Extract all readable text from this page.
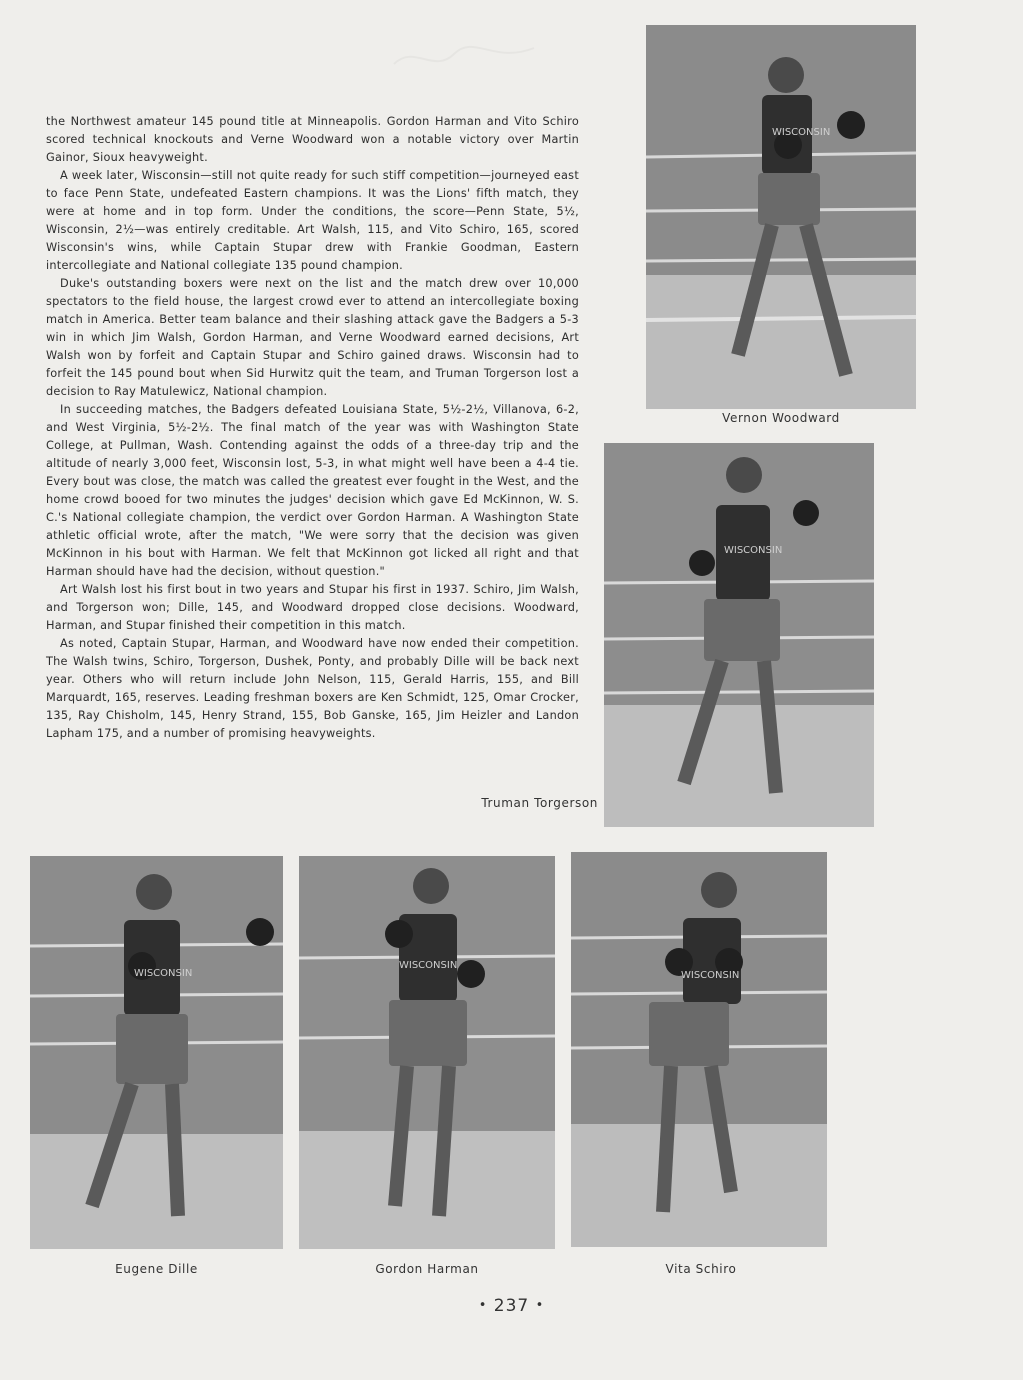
the Northwest amateur 145 pound title at Minneapolis. Gordon Harman and Vito Schiro scored technical knockouts and Verne Woodward won a notable victory over Martin Gainor, Sioux heavyweight.

A week later, Wisconsin—still not quite ready for such stiff competition—journeyed east to face Penn State, undefeated Eastern champions. It was the Lions' fifth match, they were at home and in top form. Under the conditions, the score—Penn State, 5½, Wisconsin, 2½—was entirely creditable. Art Walsh, 115, and Vito Schiro, 165, scored Wisconsin's wins, while Captain Stupar drew with Frankie Goodman, Eastern intercollegiate and National collegiate 135 pound champion.

Duke's outstanding boxers were next on the list and the match drew over 10,000 spectators to the field house, the largest crowd ever to attend an intercollegiate boxing match in America. Better team balance and their slashing attack gave the Badgers a 5-3 win in which Jim Walsh, Gordon Harman, and Verne Woodward earned decisions, Art Walsh won by forfeit and Captain Stupar and Schiro gained draws. Wisconsin had to forfeit the 145 pound bout when Sid Hurwitz quit the team, and Truman Torgerson lost a decision to Ray Matulewicz, National champion.

In succeeding matches, the Badgers defeated Louisiana State, 5½-2½, Villanova, 6-2, and West Virginia, 5½-2½. The final match of the year was with Washington State College, at Pullman, Wash. Contending against the odds of a three-day trip and the altitude of nearly 3,000 feet, Wisconsin lost, 5-3, in what might well have been a 4-4 tie. Every bout was close, the match was called the greatest ever fought in the West, and the home crowd booed for two minutes the judges' decision which gave Ed McKinnon, W. S. C.'s National collegiate champion, the verdict over Gordon Harman. A Washington State athletic official wrote, after the match, "We were sorry that the decision was given McKinnon in his bout with Harman. We felt that McKinnon got licked all right and that Harman should have had the decision, without question."

Art Walsh lost his first bout in two years and Stupar his first in 1937. Schiro, Jim Walsh, and Torgerson won; Dille, 145, and Woodward dropped close decisions. Woodward, Harman, and Stupar finished their competition in this match.

As noted, Captain Stupar, Harman, and Woodward have now ended their competition. The Walsh twins, Schiro, Torgerson, Dushek, Ponty, and probably Dille will be back next year. Others who will return include John Nelson, 115, Gerald Harris, 155, and Bill Marquardt, 165, reserves. Leading freshman boxers are Ken Schmidt, 125, Omar Crocker, 135, Ray Chisholm, 145, Henry Strand, 155, Bob Ganske, 165, Jim Heizler and Landon Lapham 175, and a number of promising heavyweights.

WISCONSIN
WISCONSIN
WISCONSIN
WISCONSIN
WISCONSIN
Vernon Woodward
Truman Torgerson
Eugene Dille	Gordon Harman	Vita Schiro
• 237 •
